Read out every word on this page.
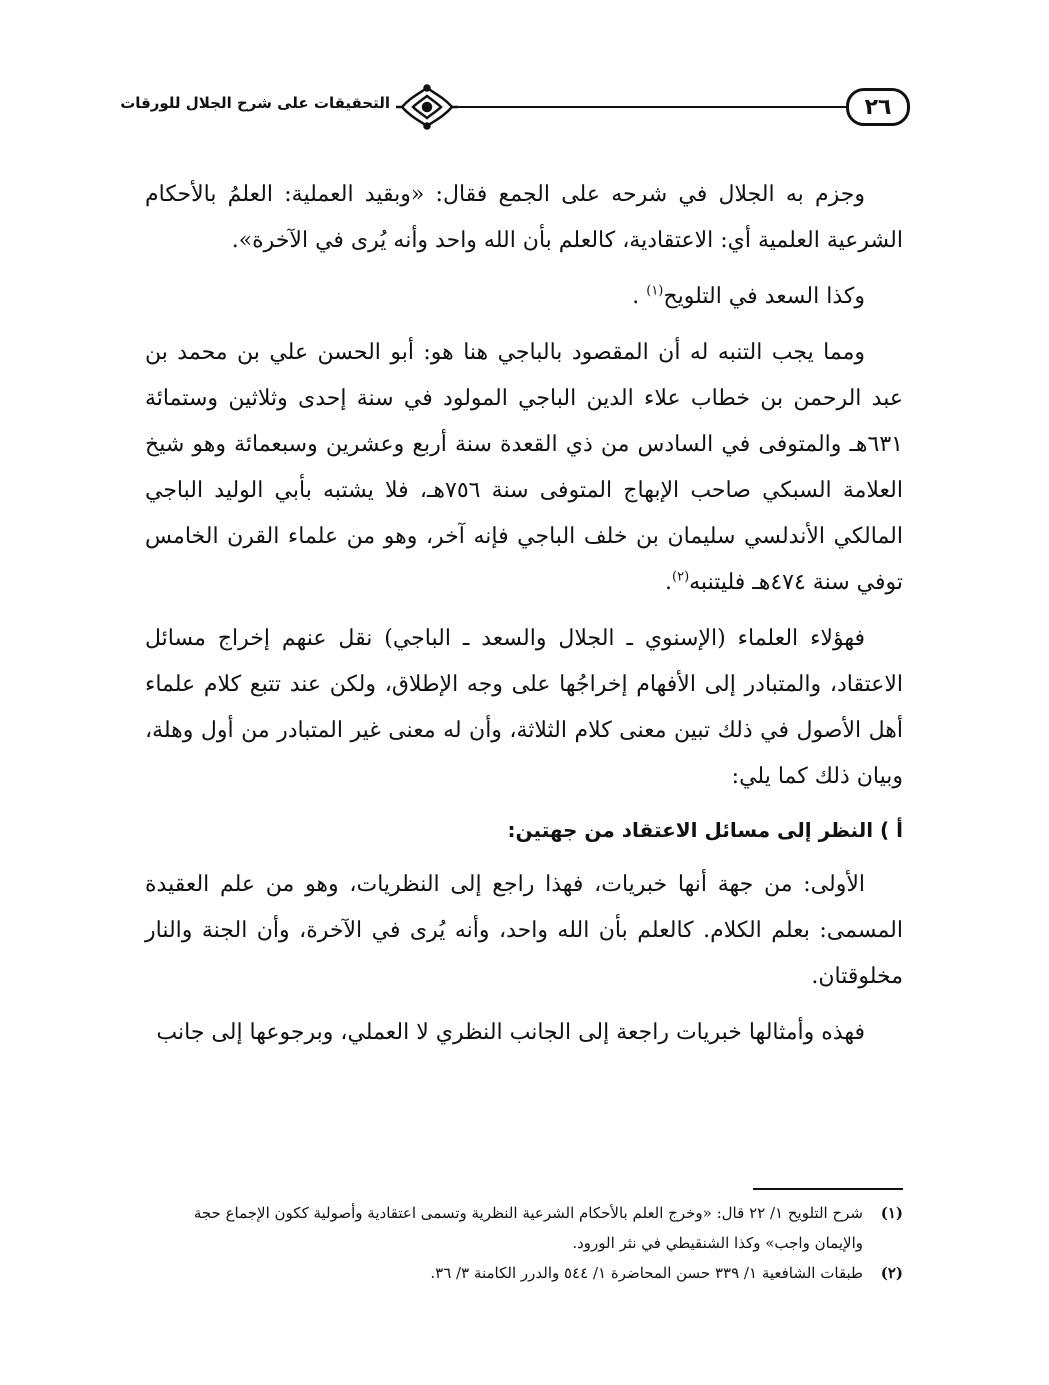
٢٦
التحقيقات على شرح الجلال للورقات

وجزم به الجلال في شرحه على الجمع فقال: «وبقيد العملية: العلمُ بالأحكام الشرعية العلمية أي: الاعتقادية، كالعلم بأن الله واحد وأنه يُرى في الآخرة».

وكذا السعد في التلويح$^{(١)}$ .

ومما يجب التنبه له أن المقصود بالباجي هنا هو: أبو الحسن علي بن محمد بن عبد الرحمن بن خطاب علاء الدين الباجي المولود في سنة إحدى وثلاثين وستمائة ٦٣١هـ والمتوفى في السادس من ذي القعدة سنة أربع وعشرين وسبعمائة وهو شيخ العلامة السبكي صاحب الإبهاج المتوفى سنة ٧٥٦هـ، فلا يشتبه بأبي الوليد الباجي المالكي الأندلسي سليمان بن خلف الباجي فإنه آخر، وهو من علماء القرن الخامس توفي سنة ٤٧٤هـ فليتنبه$^{(٢)}$.

فهؤلاء العلماء (الإسنوي ـ الجلال والسعد ـ الباجي) نقل عنهم إخراج مسائل الاعتقاد، والمتبادر إلى الأفهام إخراجُها على وجه الإطلاق، ولكن عند تتبع كلام علماء أهل الأصول في ذلك تبين معنى كلام الثلاثة، وأن له معنى غير المتبادر من أول وهلة، وبيان ذلك كما يلي:

أ ) النظر إلى مسائل الاعتقاد من جهتين:

الأولى: من جهة أنها خبريات، فهذا راجع إلى النظريات، وهو من علم العقيدة المسمى: بعلم الكلام. كالعلم بأن الله واحد، وأنه يُرى في الآخرة، وأن الجنة والنار مخلوقتان.

فهذه وأمثالها خبريات راجعة إلى الجانب النظري لا العملي، وبرجوعها إلى جانب

(١)
شرح التلويح ١/ ٢٢ قال: «وخرج العلم بالأحكام الشرعية النظرية وتسمى اعتقادية وأصولية ككون الإجماع حجة والإيمان واجب» وكذا الشنقيطي في نثر الورود.
(٢)
طبقات الشافعية ١/ ٣٣٩ حسن المحاضرة ١/ ٥٤٤ والدرر الكامنة ٣/ ٣٦.
